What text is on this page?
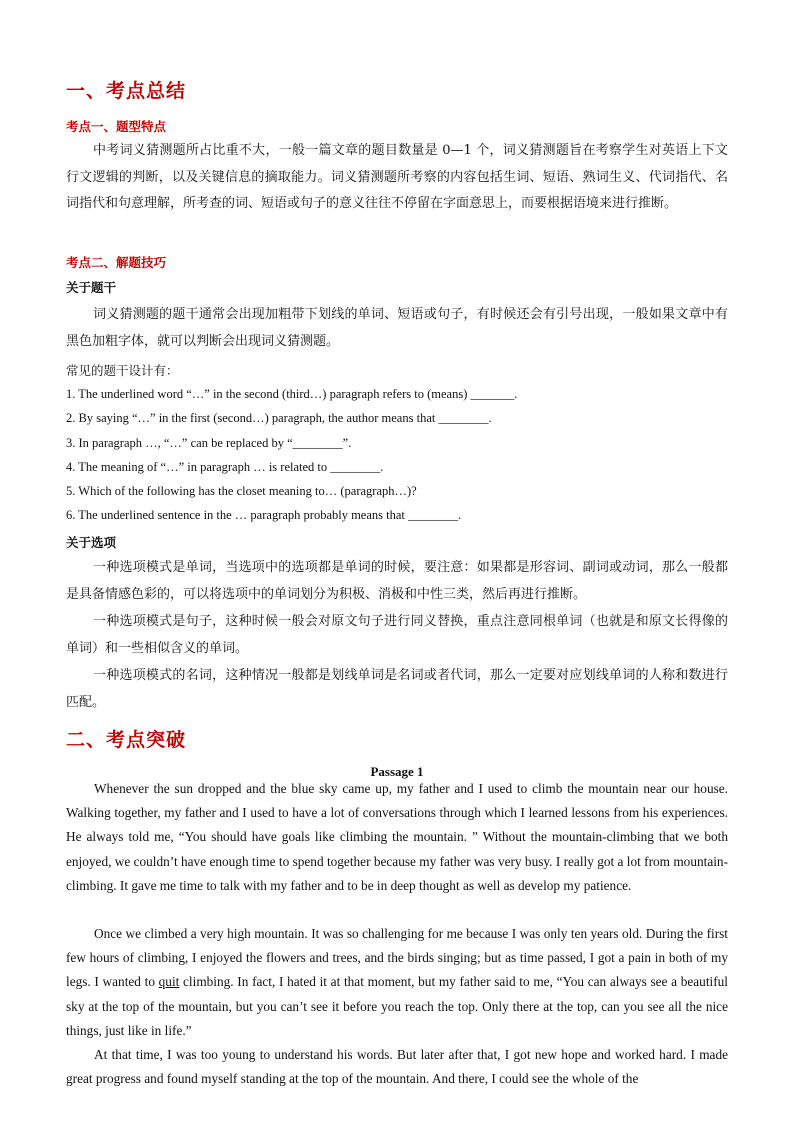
一、考点总结
考点一、题型特点

中考词义猜测题所占比重不大，一般一篇文章的题目数量是 0—1 个，词义猜测题旨在考察学生对英语上下文行文逻辑的判断，以及关键信息的摘取能力。词义猜测题所考察的内容包括生词、短语、熟词生义、代词指代、名词指代和句意理解，所考查的词、短语或句子的意义往往不停留在字面意思上，而要根据语境来进行推断。

考点二、解题技巧
关于题干

词义猜测题的题干通常会出现加粗带下划线的单词、短语或句子，有时候还会有引号出现，一般如果文章中有黑色加粗字体，就可以判断会出现词义猜测题。

常见的题干设计有：
1. The underlined word “…” in the second (third…) paragraph refers to (means) _______.
2. By saying “…” in the first (second…) paragraph, the author means that ________.
3. In paragraph …, “…” can be replaced by “________”.
4. The meaning of “…” in paragraph … is related to ________.
5. Which of the following has the closet meaning to… (paragraph…)?
6. The underlined sentence in the … paragraph probably means that ________.
关于选项

一种选项模式是单词，当选项中的选项都是单词的时候，要注意：如果都是形容词、副词或动词，那么一般都是具备情感色彩的，可以将选项中的单词划分为积极、消极和中性三类，然后再进行推断。

一种选项模式是句子，这种时候一般会对原文句子进行同义替换，重点注意同根单词（也就是和原文长得像的单词）和一些相似含义的单词。

一种选项模式的名词，这种情况一般都是划线单词是名词或者代词，那么一定要对应划线单词的人称和数进行匹配。

二、考点突破
Passage 1

Whenever the sun dropped and the blue sky came up, my father and I used to climb the mountain near our house. Walking together, my father and I used to have a lot of conversations through which I learned lessons from his experiences. He always told me, “You should have goals like climbing the mountain. ” Without the mountain-climbing that we both enjoyed, we couldn’t have enough time to spend together because my father was very busy. I really got a lot from mountain-climbing. It gave me time to talk with my father and to be in deep thought as well as develop my patience.

Once we climbed a very high mountain. It was so challenging for me because I was only ten years old. During the first few hours of climbing, I enjoyed the flowers and trees, and the birds singing; but as time passed, I got a pain in both of my legs. I wanted to quit climbing. In fact, I hated it at that moment, but my father said to me, “You can always see a beautiful sky at the top of the mountain, but you can’t see it before you reach the top. Only there at the top, can you see all the nice things, just like in life.”

At that time, I was too young to understand his words. But later after that, I got new hope and worked hard. I made great progress and found myself standing at the top of the mountain. And there, I could see the whole of the
